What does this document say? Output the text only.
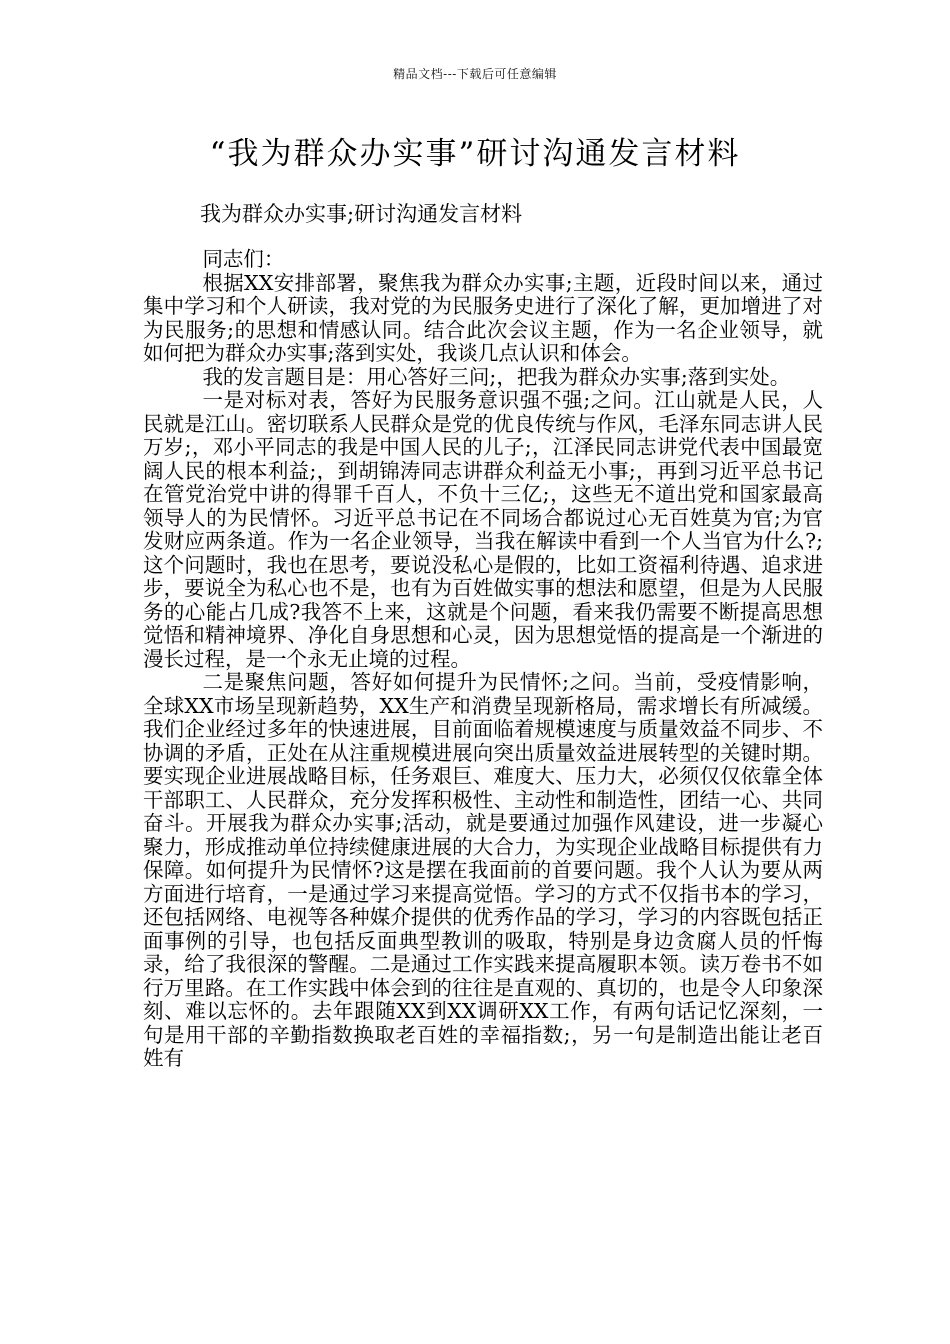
精品文档---下载后可任意编辑
“我为群众办实事”研讨沟通发言材料

我为群众办实事;研讨沟通发言材料

同志们：

根据XX安排部署，聚焦我为群众办实事;主题，近段时间以来，通过集中学习和个人研读，我对党的为民服务史进行了深化了解，更加增进了对为民服务;的思想和情感认同。结合此次会议主题，作为一名企业领导，就如何把为群众办实事;落到实处，我谈几点认识和体会。

我的发言题目是：用心答好三问;，把我为群众办实事;落到实处。

一是对标对表，答好为民服务意识强不强;之问。江山就是人民，人民就是江山。密切联系人民群众是党的优良传统与作风，毛泽东同志讲人民万岁;，邓小平同志的我是中国人民的儿子;，江泽民同志讲党代表中国最宽阔人民的根本利益;，到胡锦涛同志讲群众利益无小事;，再到习近平总书记在管党治党中讲的得罪千百人，不负十三亿;，这些无不道出党和国家最高领导人的为民情怀。习近平总书记在不同场合都说过心无百姓莫为官;为官发财应两条道。作为一名企业领导，当我在解读中看到一个人当官为什么?;这个问题时，我也在思考，要说没私心是假的，比如工资福利待遇、追求进步，要说全为私心也不是，也有为百姓做实事的想法和愿望，但是为人民服务的心能占几成?我答不上来，这就是个问题，看来我仍需要不断提高思想觉悟和精神境界、净化自身思想和心灵，因为思想觉悟的提高是一个渐进的漫长过程，是一个永无止境的过程。

二是聚焦问题，答好如何提升为民情怀;之问。当前，受疫情影响，全球XX市场呈现新趋势，XX生产和消费呈现新格局，需求增长有所减缓。我们企业经过多年的快速进展，目前面临着规模速度与质量效益不同步、不协调的矛盾，正处在从注重规模进展向突出质量效益进展转型的关键时期。要实现企业进展战略目标，任务艰巨、难度大、压力大，必须仅仅依靠全体干部职工、人民群众，充分发挥积极性、主动性和制造性，团结一心、共同奋斗。开展我为群众办实事;活动，就是要通过加强作风建设，进一步凝心聚力，形成推动单位持续健康进展的大合力，为实现企业战略目标提供有力保障。如何提升为民情怀?这是摆在我面前的首要问题。我个人认为要从两方面进行培育，一是通过学习来提高觉悟。学习的方式不仅指书本的学习，还包括网络、电视等各种媒介提供的优秀作品的学习，学习的内容既包括正面事例的引导，也包括反面典型教训的吸取，特别是身边贪腐人员的忏悔录，给了我很深的警醒。二是通过工作实践来提高履职本领。读万卷书不如行万里路。在工作实践中体会到的往往是直观的、真切的，也是令人印象深刻、难以忘怀的。去年跟随XX到XX调研XX工作，有两句话记忆深刻，一句是用干部的辛勤指数换取老百姓的幸福指数;，另一句是制造出能让老百姓有
